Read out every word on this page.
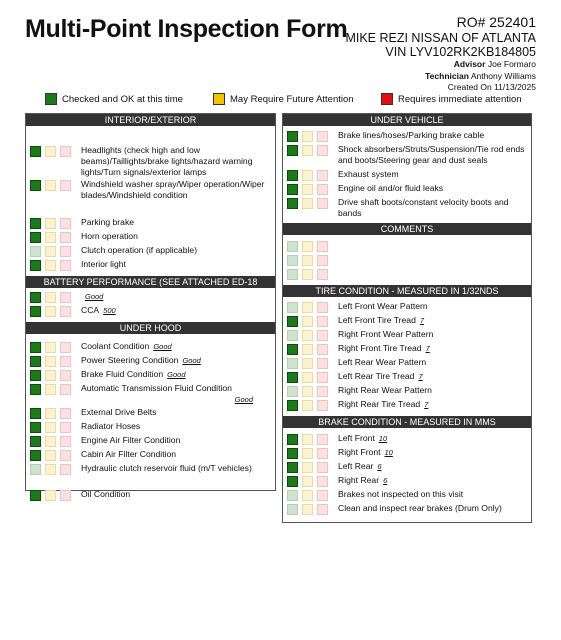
Multi-Point Inspection Form	RO# 252401
MIKE REZI NISSAN OF ATLANTA
VIN LYV102RK2KB184805
Advisor Joe Formaro
Technician Anthony Williams
Created On 11/13/2025
Checked and OK at this time	May Require Future Attention	Requires immediate attention
INTERIOR/EXTERIOR
Headlights (check high and low beams)/Taillights/brake lights/hazard warning lights/Turn signals/exterior lamps
Windshield washer spray/Wiper operation/Wiper blades/Windshield condition
Parking brake
Horn operation
Clutch operation (if applicable)
Interior light
BATTERY PERFORMANCE (SEE ATTACHED ED-18 PRINTOUT)
Good
CCA 500
UNDER HOOD
Coolant Condition Good
Power Steering Condition Good
Brake Fluid Condition Good
Automatic Transmission Fluid Condition
Good
External Drive Belts
Radiator Hoses
Engine Air Filter Condition
Cabin Air Filter Condition
Hydraulic clutch reservoir fluid (m/T vehicles)
Oil Condition
UNDER VEHICLE
Brake lines/hoses/Parking brake cable
Shock absorbers/Struts/Suspension/Tie rod ends and boots/Steering gear and dust seals
Exhaust system
Engine oil and/or fluid leaks
Drive shaft boots/constant velocity boots and bands
COMMENTS
TIRE CONDITION - MEASURED IN 1/32NDS
Left Front Wear Pattern
Left Front Tire Tread 7
Right Front Wear Pattern
Right Front Tire Tread 7
Left Rear Wear Pattern
Left Rear Tire Tread 7
Right Rear Wear Pattern
Right Rear Tire Tread 7
BRAKE CONDITION - MEASURED IN MMS
Left Front 10
Right Front 10
Left Rear 6
Right Rear 6
Brakes not inspected on this visit
Clean and inspect rear brakes (Drum Only)
